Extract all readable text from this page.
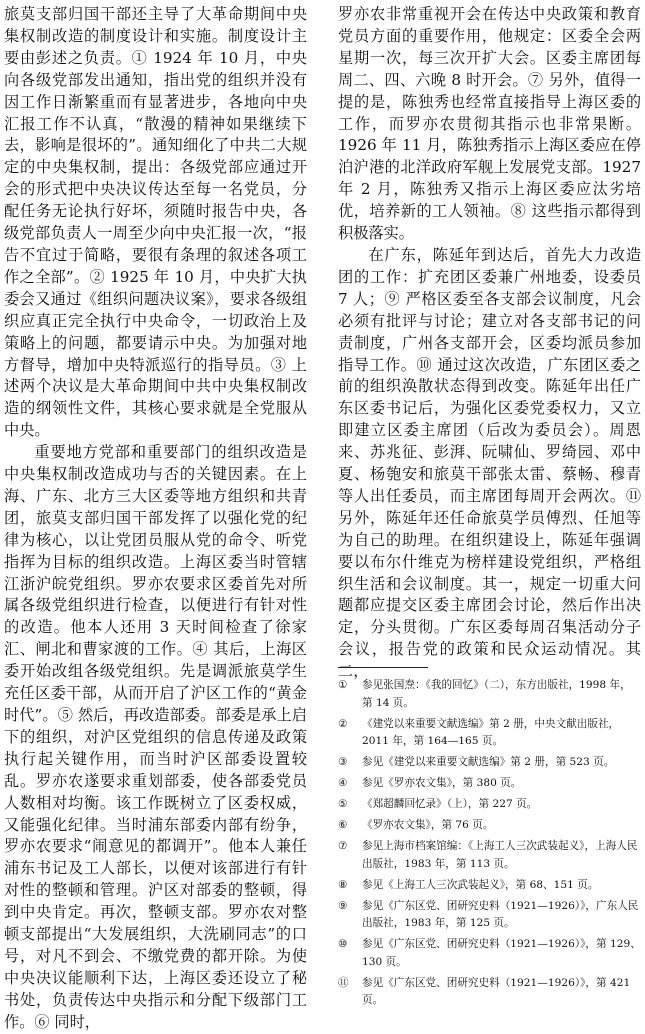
旅莫支部归国干部还主导了大革命期间中央集权制改造的制度设计和实施。制度设计主要由彭述之负责。① 1924 年 10 月，中央向各级党部发出通知，指出党的组织并没有因工作日渐繁重而有显著进步，各地向中央汇报工作不认真，“散漫的精神如果继续下去，影响是很坏的”。通知细化了中共二大规定的中央集权制，提出：各级党部应通过开会的形式把中央决议传达至每一名党员，分配任务无论执行好坏，须随时报告中央，各级党部负责人一周至少向中央汇报一次，“报告不宜过于简略，要很有条理的叙述各项工作之全部”。② 1925 年 10 月，中央扩大执委会又通过《组织问题决议案》，要求各级组织应真正完全执行中央命令，一切政治上及策略上的问题，都要请示中央。为加强对地方督导，增加中央特派巡行的指导员。③ 上述两个决议是大革命期间中共中央集权制改造的纲领性文件，其核心要求就是全党服从中央。

重要地方党部和重要部门的组织改造是中央集权制改造成功与否的关键因素。在上海、广东、北方三大区委等地方组织和共青团，旅莫支部归国干部发挥了以强化党的纪律为核心，以让党团员服从党的命令、听党指挥为目标的组织改造。上海区委当时管辖江浙沪皖党组织。罗亦农要求区委首先对所属各级党组织进行检查，以便进行有针对性的改造。他本人还用 3 天时间检查了徐家汇、闸北和曹家渡的工作。④ 其后，上海区委开始改组各级党组织。先是调派旅莫学生充任区委干部，从而开启了沪区工作的“黄金时代”。⑤ 然后，再改造部委。部委是承上启下的组织，对沪区党组织的信息传递及政策执行起关键作用，而当时沪区部委设置较乱。罗亦农遂要求重划部委，使各部委党员人数相对均衡。该工作既树立了区委权威，又能强化纪律。当时浦东部委内部有纷争，罗亦农要求“闹意见的都调开”。他本人兼任浦东书记及工人部长，以便对该部进行有针对性的整顿和管理。沪区对部委的整顿，得到中央肯定。再次，整顿支部。罗亦农对整顿支部提出“大发展组织，大洗刷同志”的口号，对凡不到会、不缴党费的都开除。为使中央决议能顺利下达，上海区委还设立了秘书处，负责传达中央指示和分配下级部门工作。⑥ 同时，

罗亦农非常重视开会在传达中央政策和教育党员方面的重要作用，他规定：区委全会两星期一次，每三次开扩大会。区委主席团每周二、四、六晚 8 时开会。⑦ 另外，值得一提的是，陈独秀也经常直接指导上海区委的工作，而罗亦农贯彻其指示也非常果断。1926 年 11 月，陈独秀指示上海区委应在停泊沪港的北洋政府军舰上发展党支部。1927 年 2 月，陈独秀又指示上海区委应汰劣培优，培养新的工人领袖。⑧ 这些指示都得到积极落实。

在广东，陈延年到达后，首先大力改造团的工作：扩充团区委兼广州地委，设委员 7 人；⑨ 严格区委至各支部会议制度，凡会必须有批评与讨论；建立对各支部书记的问责制度，广州各支部开会，区委均派员参加指导工作。⑩ 通过这次改造，广东团区委之前的组织涣散状态得到改变。陈延年出任广东区委书记后，为强化区委党委权力，又立即建立区委主席团（后改为委员会）。周恩来、苏兆征、彭湃、阮啸仙、罗绮园、邓中夏、杨匏安和旅莫干部张太雷、蔡畅、穆青等人出任委员，而主席团每周开会两次。⑪ 另外，陈延年还任命旅莫学员傅烈、任旭等为自己的助理。在组织建设上，陈延年强调要以布尔什维克为榜样建设党组织，严格组织生活和会议制度。其一，规定一切重大问题都应提交区委主席团会讨论，然后作出决定，分头贯彻。广东区委每周召集活动分子会议，报告党的政策和民众运动情况。其二，

①	参见张国焘：《我的回忆》（二），东方出版社，1998 年，第 14 页。
②	《建党以来重要文献选编》第 2 册，中央文献出版社，2011 年，第 164—165 页。
③	参见《建党以来重要文献选编》第 2 册，第 523 页。
④	参见《罗亦农文集》，第 380 页。
⑤	《郑超麟回忆录》（上），第 227 页。
⑥	《罗亦农文集》，第 76 页。
⑦	参见上海市档案馆编：《上海工人三次武装起义》，上海人民出版社，1983 年，第 113 页。
⑧	参见《上海工人三次武装起义》，第 68、151 页。
⑨	参见《广东区党、团研究史料（1921—1926）》，广东人民出版社，1983 年，第 125 页。
⑩	参见《广东区党、团研究史料（1921—1926）》，第 129、130 页。
⑪	参见《广东区党、团研究史料（1921—1926）》，第 421 页。
